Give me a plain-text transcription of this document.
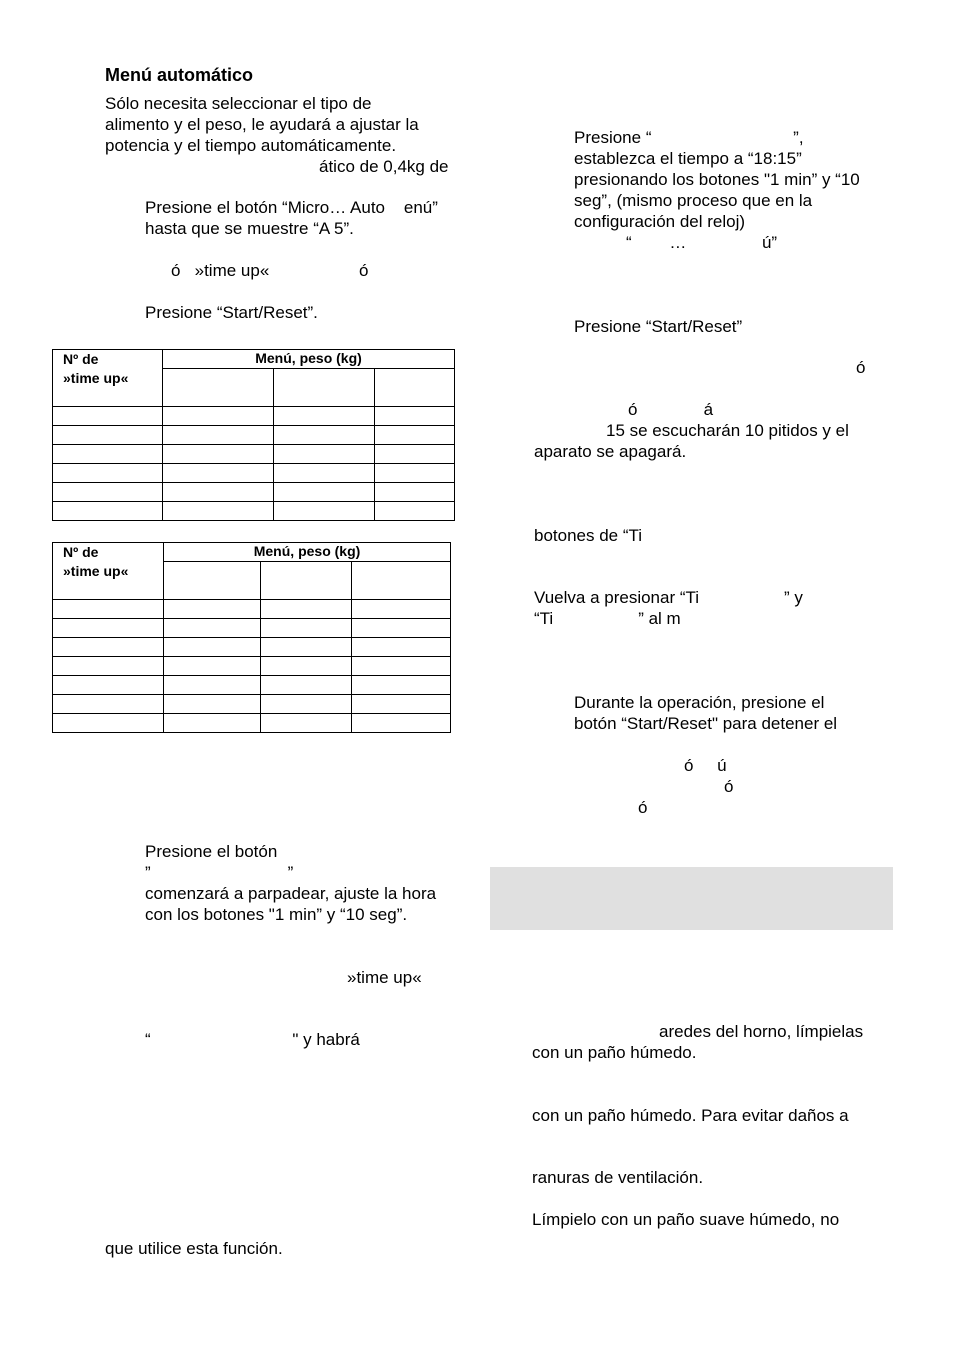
Menú automático
Sólo necesita seleccionar el tipo de
alimento y el peso, le ayudará a ajustar la
potencia y el tiempo automáticamente.
ático de 0,4kg de
Presione el botón “Micro… Auto    enú”
hasta que se muestre “A 5”.
ó   »time up«                   ó
Presione “Start/Reset”.
Nº de
»time up«	Menú, peso (kg)		

Nº de
»time up«	Menú, peso (kg)		

Presione el botón
”                             ”
comenzará a parpadear, ajuste la hora
con los botones "1 min” y “10 seg”.
»time up«
“                              " y habrá
que utilice esta función.
Presione “                              ”,
establezca el tiempo a “18:15”
presionando los botones "1 min” y “10
seg”, (mismo proceso que en la
configuración del reloj)
“        …                ú”
Presione “Start/Reset”
ó
ó              á
15 se escucharán 10 pitidos y el
aparato se apagará.
botones de “Ti
Vuelva a presionar “Ti                  ” y
“Ti                  ” al m
Durante la operación, presione el
botón “Start/Reset" para detener el
ó     ú
ó
ó
aredes del horno, límpielas
con un paño húmedo.
con un paño húmedo. Para evitar daños a
ranuras de ventilación.
Límpielo con un paño suave húmedo, no
